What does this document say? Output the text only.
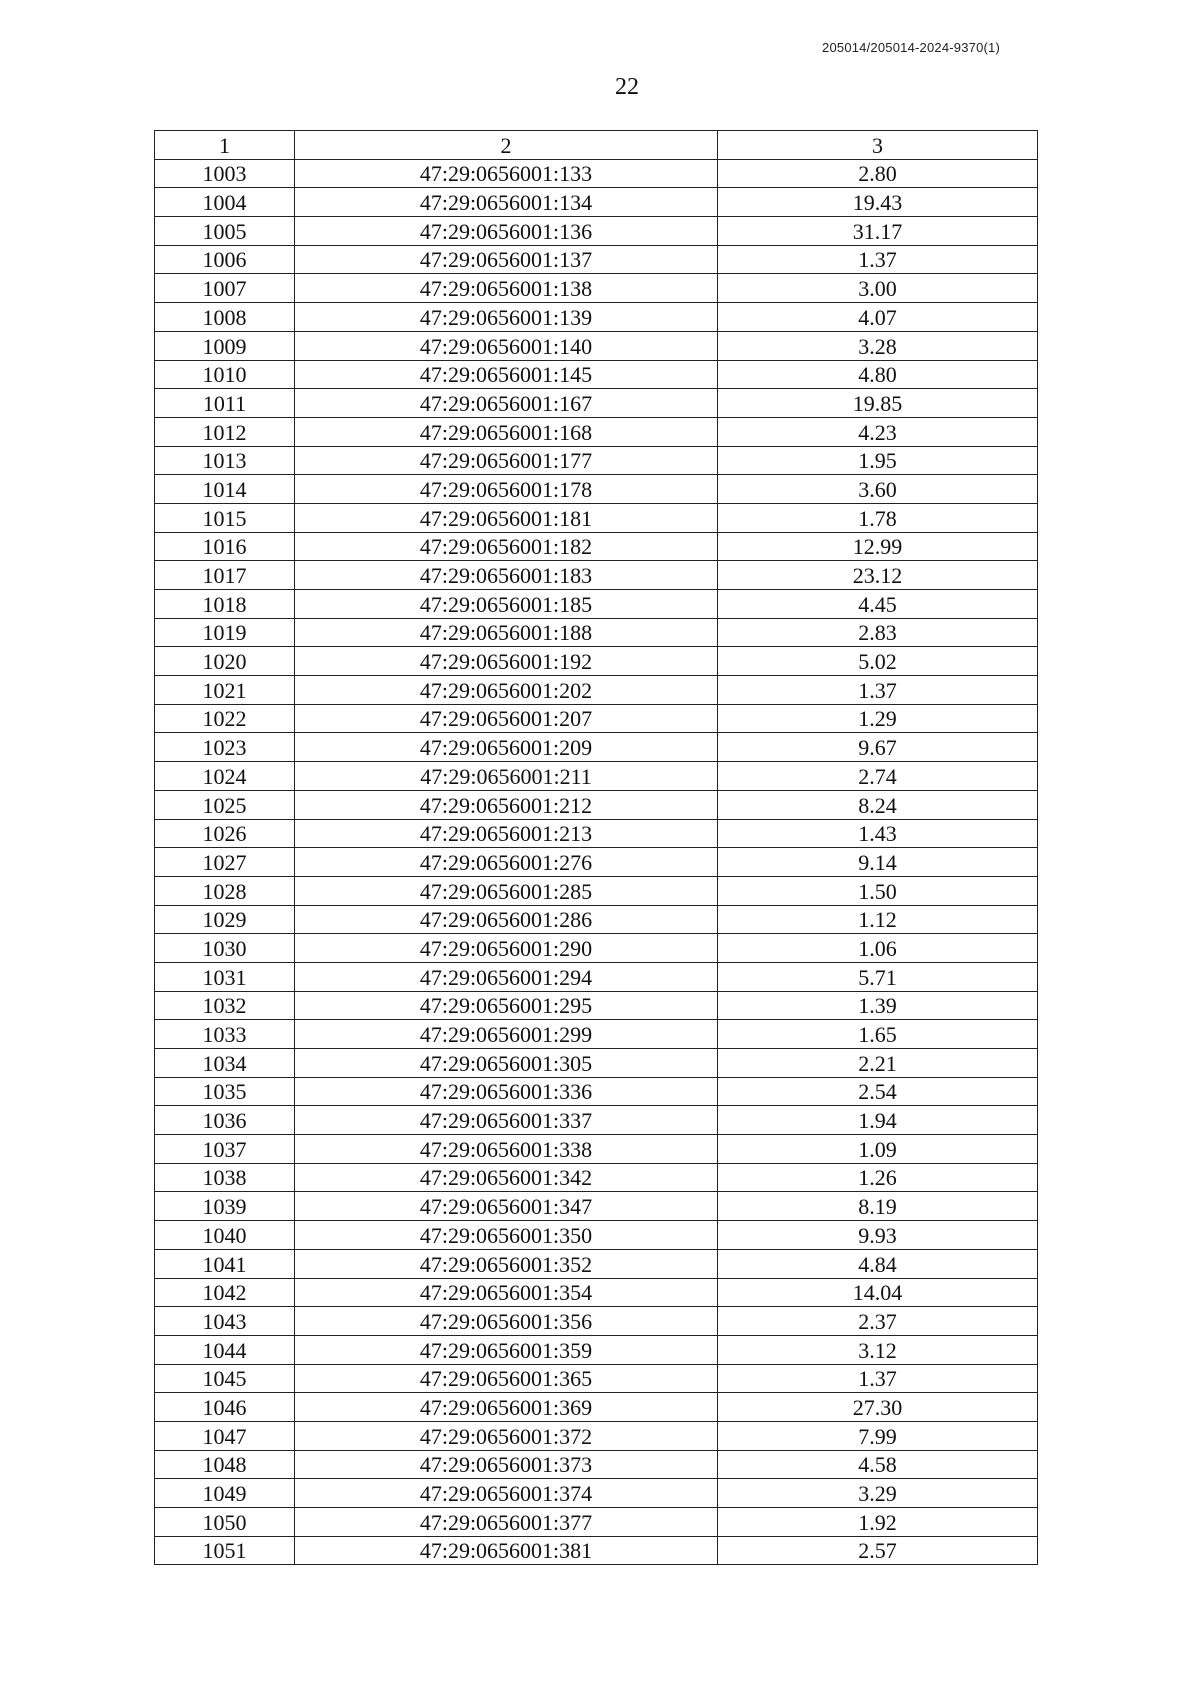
205014/205014-2024-9370(1)
22
1	2	3
1003	47:29:0656001:133	2.80
1004	47:29:0656001:134	19.43
1005	47:29:0656001:136	31.17
1006	47:29:0656001:137	1.37
1007	47:29:0656001:138	3.00
1008	47:29:0656001:139	4.07
1009	47:29:0656001:140	3.28
1010	47:29:0656001:145	4.80
1011	47:29:0656001:167	19.85
1012	47:29:0656001:168	4.23
1013	47:29:0656001:177	1.95
1014	47:29:0656001:178	3.60
1015	47:29:0656001:181	1.78
1016	47:29:0656001:182	12.99
1017	47:29:0656001:183	23.12
1018	47:29:0656001:185	4.45
1019	47:29:0656001:188	2.83
1020	47:29:0656001:192	5.02
1021	47:29:0656001:202	1.37
1022	47:29:0656001:207	1.29
1023	47:29:0656001:209	9.67
1024	47:29:0656001:211	2.74
1025	47:29:0656001:212	8.24
1026	47:29:0656001:213	1.43
1027	47:29:0656001:276	9.14
1028	47:29:0656001:285	1.50
1029	47:29:0656001:286	1.12
1030	47:29:0656001:290	1.06
1031	47:29:0656001:294	5.71
1032	47:29:0656001:295	1.39
1033	47:29:0656001:299	1.65
1034	47:29:0656001:305	2.21
1035	47:29:0656001:336	2.54
1036	47:29:0656001:337	1.94
1037	47:29:0656001:338	1.09
1038	47:29:0656001:342	1.26
1039	47:29:0656001:347	8.19
1040	47:29:0656001:350	9.93
1041	47:29:0656001:352	4.84
1042	47:29:0656001:354	14.04
1043	47:29:0656001:356	2.37
1044	47:29:0656001:359	3.12
1045	47:29:0656001:365	1.37
1046	47:29:0656001:369	27.30
1047	47:29:0656001:372	7.99
1048	47:29:0656001:373	4.58
1049	47:29:0656001:374	3.29
1050	47:29:0656001:377	1.92
1051	47:29:0656001:381	2.57
